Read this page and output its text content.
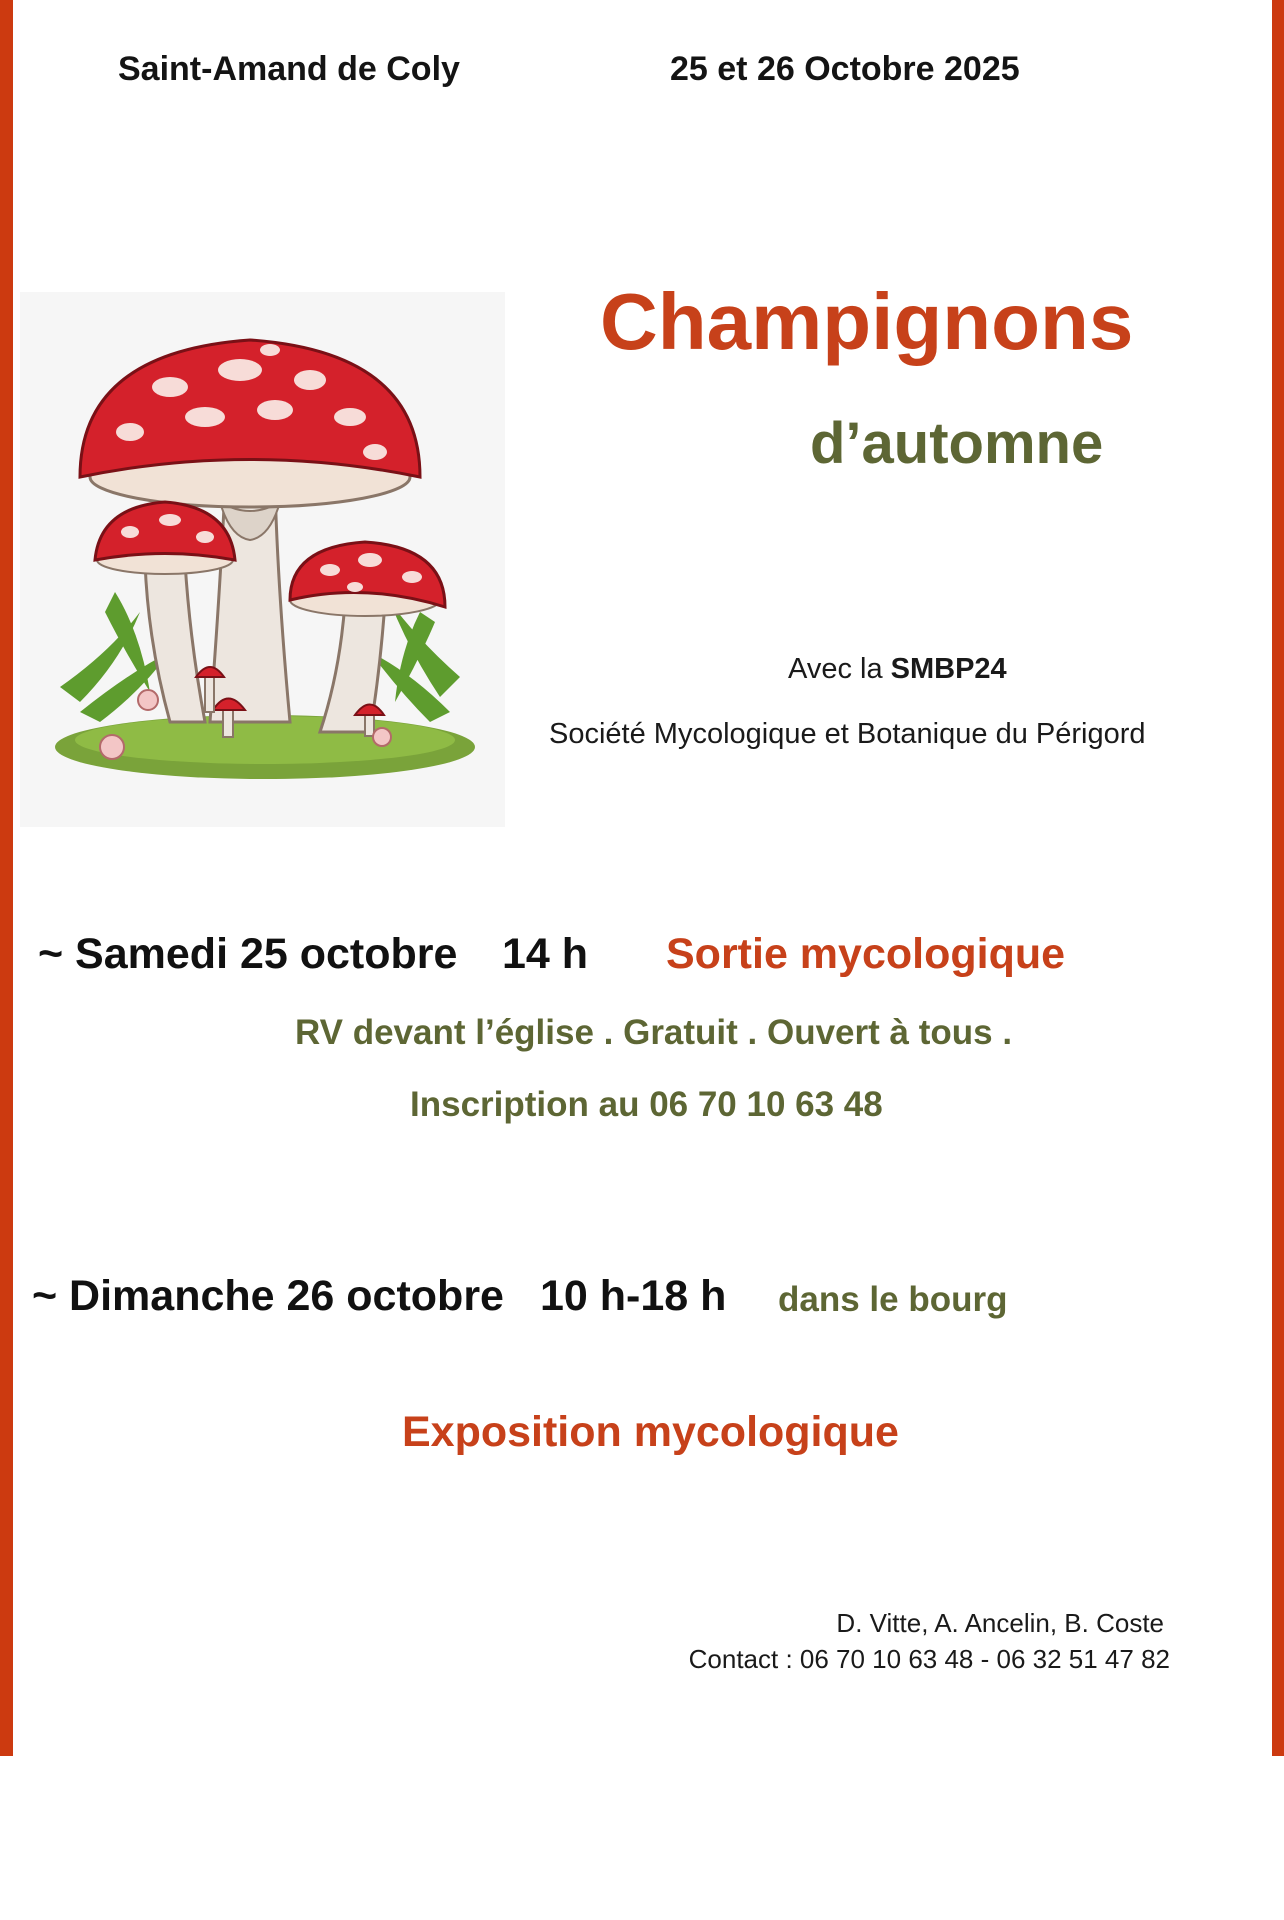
Saint-Amand de Coly	25 et 26 Octobre 2025
Champignons
d’automne
Avec la SMBP24
Société Mycologique et Botanique du Périgord
~ Samedi 25 octobre 14 h Sortie mycologique
RV devant l’église . Gratuit . Ouvert à tous .
Inscription au 06 70 10 63 48
~ Dimanche 26 octobre 10 h-18 h dans le bourg
Exposition mycologique
D. Vitte, A. Ancelin, B. Coste
Contact : 06 70 10 63 48 - 06 32 51 47 82
